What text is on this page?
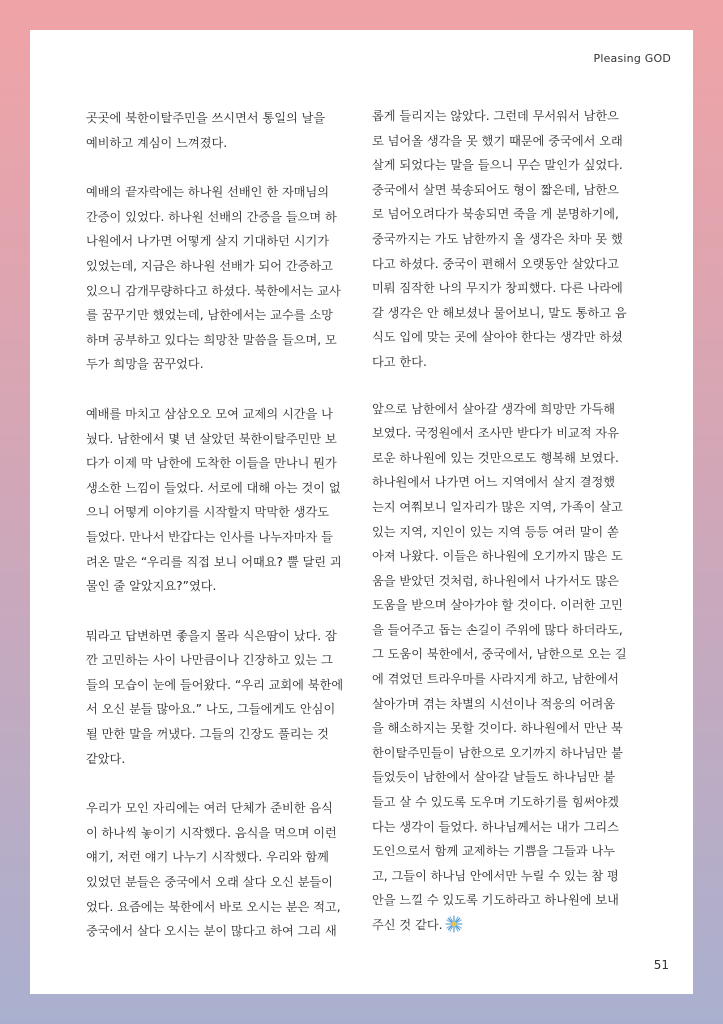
Pleasing GOD

곳곳에 북한이탈주민을 쓰시면서 통일의 날을
예비하고 계심이 느껴졌다.

예배의 끝자락에는 하나원 선배인 한 자매님의
간증이 있었다. 하나원 선배의 간증을 들으며 하
나원에서 나가면 어떻게 살지 기대하던 시기가
있었는데, 지금은 하나원 선배가 되어 간증하고
있으니 감개무량하다고 하셨다. 북한에서는 교사
를 꿈꾸기만 했었는데, 남한에서는 교수를 소망
하며 공부하고 있다는 희망찬 말씀을 들으며, 모
두가 희망을 꿈꾸었다.

예배를 마치고 삼삼오오 모여 교제의 시간을 나
눴다. 남한에서 몇 년 살았던 북한이탈주민만 보
다가 이제 막 남한에 도착한 이들을 만나니 뭔가
생소한 느낌이 들었다. 서로에 대해 아는 것이 없
으니 어떻게 이야기를 시작할지 막막한 생각도
들었다. 만나서 반갑다는 인사를 나누자마자 들
려온 말은 “우리를 직접 보니 어때요? 뿔 달린 괴
물인 줄 알았지요?”였다.

뭐라고 답변하면 좋을지 몰라 식은땀이 났다. 잠
깐 고민하는 사이 나만큼이나 긴장하고 있는 그
들의 모습이 눈에 들어왔다. “우리 교회에 북한에
서 오신 분들 많아요.” 나도, 그들에게도 안심이
될 만한 말을 꺼냈다. 그들의 긴장도 풀리는 것
같았다.

우리가 모인 자리에는 여러 단체가 준비한 음식
이 하나씩 놓이기 시작했다. 음식을 먹으며 이런
얘기, 저런 얘기 나누기 시작했다. 우리와 함께
있었던 분들은 중국에서 오래 살다 오신 분들이
었다. 요즘에는 북한에서 바로 오시는 분은 적고,
중국에서 살다 오시는 분이 많다고 하여 그리 새

롭게 들리지는 않았다. 그런데 무서워서 남한으
로 넘어올 생각을 못 했기 때문에 중국에서 오래
살게 되었다는 말을 들으니 무슨 말인가 싶었다.
중국에서 살면 북송되어도 형이 짧은데, 남한으
로 넘어오려다가 북송되면 죽을 게 분명하기에,
중국까지는 가도 남한까지 올 생각은 차마 못 했
다고 하셨다. 중국이 편해서 오랫동안 살았다고
미뤄 짐작한 나의 무지가 창피했다. 다른 나라에
갈 생각은 안 해보셨나 물어보니, 말도 통하고 음
식도 입에 맞는 곳에 살아야 한다는 생각만 하셨
다고 한다.

앞으로 남한에서 살아갈 생각에 희망만 가득해
보였다. 국정원에서 조사만 받다가 비교적 자유
로운 하나원에 있는 것만으로도 행복해 보였다.
하나원에서 나가면 어느 지역에서 살지 결정했
는지 여쭤보니 일자리가 많은 지역, 가족이 살고
있는 지역, 지인이 있는 지역 등등 여러 말이 쏟
아져 나왔다. 이들은 하나원에 오기까지 많은 도
움을 받았던 것처럼, 하나원에서 나가서도 많은
도움을 받으며 살아가야 할 것이다. 이러한 고민
을 들어주고 돕는 손길이 주위에 많다 하더라도,
그 도움이 북한에서, 중국에서, 남한으로 오는 길
에 겪었던 트라우마를 사라지게 하고, 남한에서
살아가며 겪는 차별의 시선이나 적응의 어려움
을 해소하지는 못할 것이다. 하나원에서 만난 북
한이탈주민들이 남한으로 오기까지 하나님만 붙
들었듯이 남한에서 살아갈 날들도 하나님만 붙
들고 살 수 있도록 도우며 기도하기를 힘써야겠
다는 생각이 들었다. 하나님께서는 내가 그리스
도인으로서 함께 교제하는 기쁨을 그들과 나누
고, 그들이 하나님 안에서만 누릴 수 있는 참 평
안을 느낄 수 있도록 기도하라고 하나원에 보내
주신 것 같다.

51
